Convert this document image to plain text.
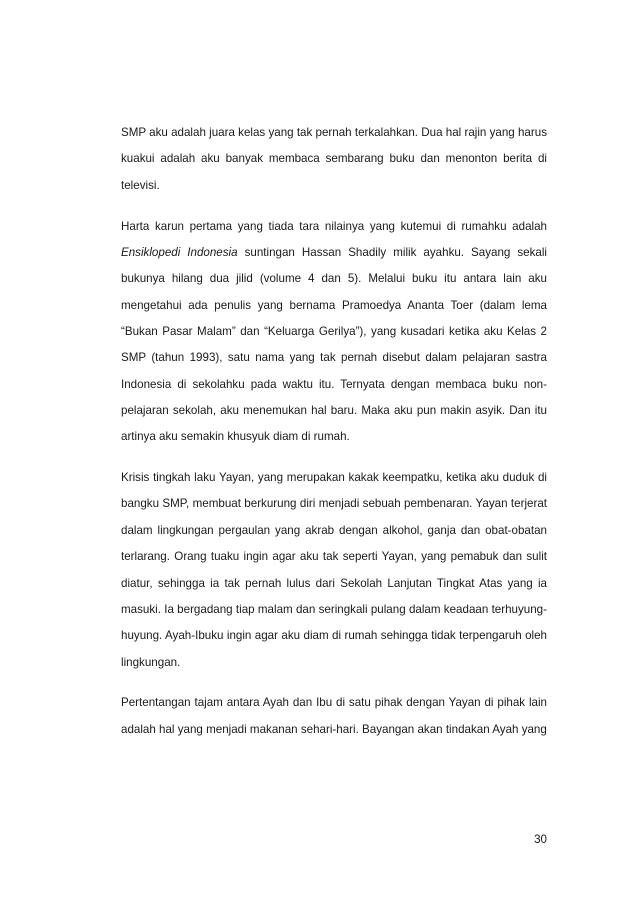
SMP aku adalah juara kelas yang tak pernah terkalahkan. Dua hal rajin yang harus kuakui adalah aku banyak membaca sembarang buku dan menonton berita di televisi.

Harta karun pertama yang tiada tara nilainya yang kutemui di rumahku adalah Ensiklopedi Indonesia suntingan Hassan Shadily milik ayahku. Sayang sekali bukunya hilang dua jilid (volume 4 dan 5). Melalui buku itu antara lain aku mengetahui ada penulis yang bernama Pramoedya Ananta Toer (dalam lema “Bukan Pasar Malam” dan “Keluarga Gerilya”), yang kusadari ketika aku Kelas 2 SMP (tahun 1993), satu nama yang tak pernah disebut dalam pelajaran sastra Indonesia di sekolahku pada waktu itu. Ternyata dengan membaca buku non-pelajaran sekolah, aku menemukan hal baru. Maka aku pun makin asyik. Dan itu artinya aku semakin khusyuk diam di rumah.

Krisis tingkah laku Yayan, yang merupakan kakak keempatku, ketika aku duduk di bangku SMP, membuat berkurung diri menjadi sebuah pembenaran. Yayan terjerat dalam lingkungan pergaulan yang akrab dengan alkohol, ganja dan obat-obatan terlarang. Orang tuaku ingin agar aku tak seperti Yayan, yang pemabuk dan sulit diatur, sehingga ia tak pernah lulus dari Sekolah Lanjutan Tingkat Atas yang ia masuki. Ia bergadang tiap malam dan seringkali pulang dalam keadaan terhuyung-huyung. Ayah-Ibuku ingin agar aku diam di rumah sehingga tidak terpengaruh oleh lingkungan.

Pertentangan tajam antara Ayah dan Ibu di satu pihak dengan Yayan di pihak lain adalah hal yang menjadi makanan sehari-hari. Bayangan akan tindakan Ayah yang

30
